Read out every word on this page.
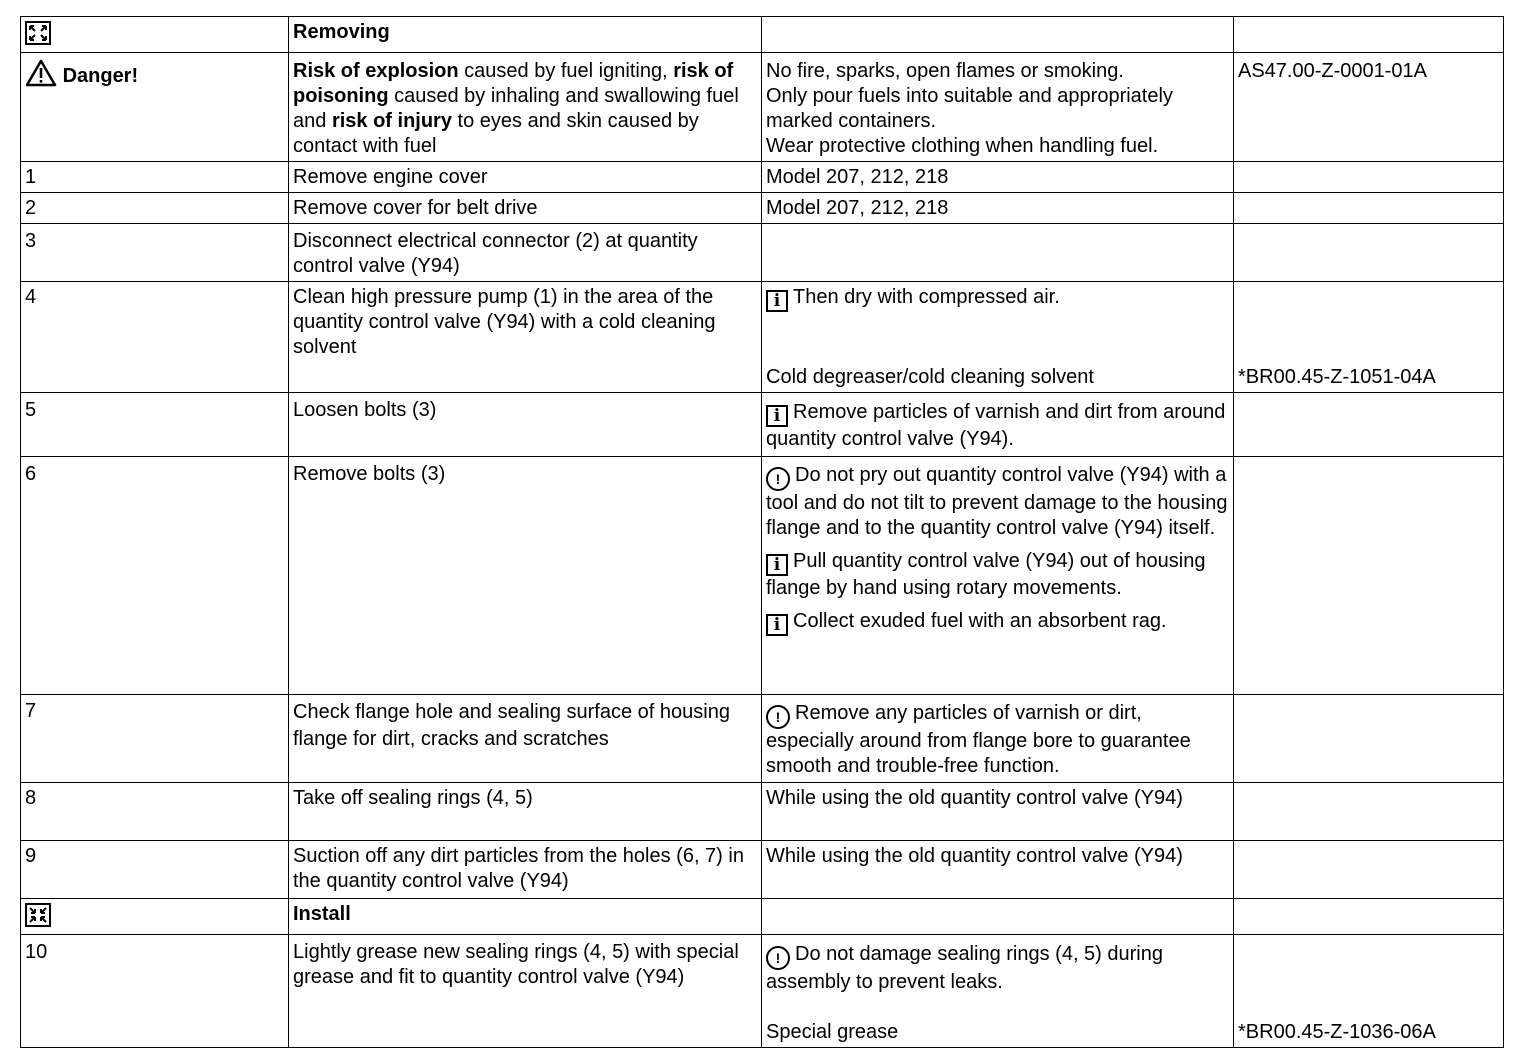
	Removing		
Danger!	Risk of explosion caused by fuel igniting, risk of poisoning caused by inhaling and swallowing fuel and risk of injury to eyes and skin caused by contact with fuel	No fire, sparks, open flames or smoking.
Only pour fuels into suitable and appropriately marked containers.
Wear protective clothing when handling fuel.	AS47.00-Z-0001-01A
1	Remove engine cover	Model 207, 212, 218	
2	Remove cover for belt drive	Model 207, 212, 218	
3	Disconnect electrical connector (2) at quantity control valve (Y94)		
4	Clean high pressure pump (1) in the area of the quantity control valve (Y94) with a cold cleaning solvent	i Then dry with compressed air.
Cold degreaser/cold cleaning solvent	*BR00.45-Z-1051-04A

5	Loosen bolts (3)	i Remove particles of varnish and dirt from around quantity control valve (Y94).	
6	Remove bolts (3)	! Do not pry out quantity control valve (Y94) with a tool and do not tilt to prevent damage to the housing flange and to the quantity control valve (Y94) itself.
i Pull quantity control valve (Y94) out of housing flange by hand using rotary movements.
i Collect exuded fuel with an absorbent rag.	
7	Check flange hole and sealing surface of housing flange for dirt, cracks and scratches	! Remove any particles of varnish or dirt, especially around from flange bore to guarantee smooth and trouble-free function.	
8	Take off sealing rings (4, 5)	While using the old quantity control valve (Y94)	
9	Suction off any dirt particles from the holes (6, 7) in the quantity control valve (Y94)	While using the old quantity control valve (Y94)	
	Install		
10	Lightly grease new sealing rings (4, 5) with special grease and fit to quantity control valve (Y94)	! Do not damage sealing rings (4, 5) during assembly to prevent leaks.
Special grease	*BR00.45-Z-1036-06A
